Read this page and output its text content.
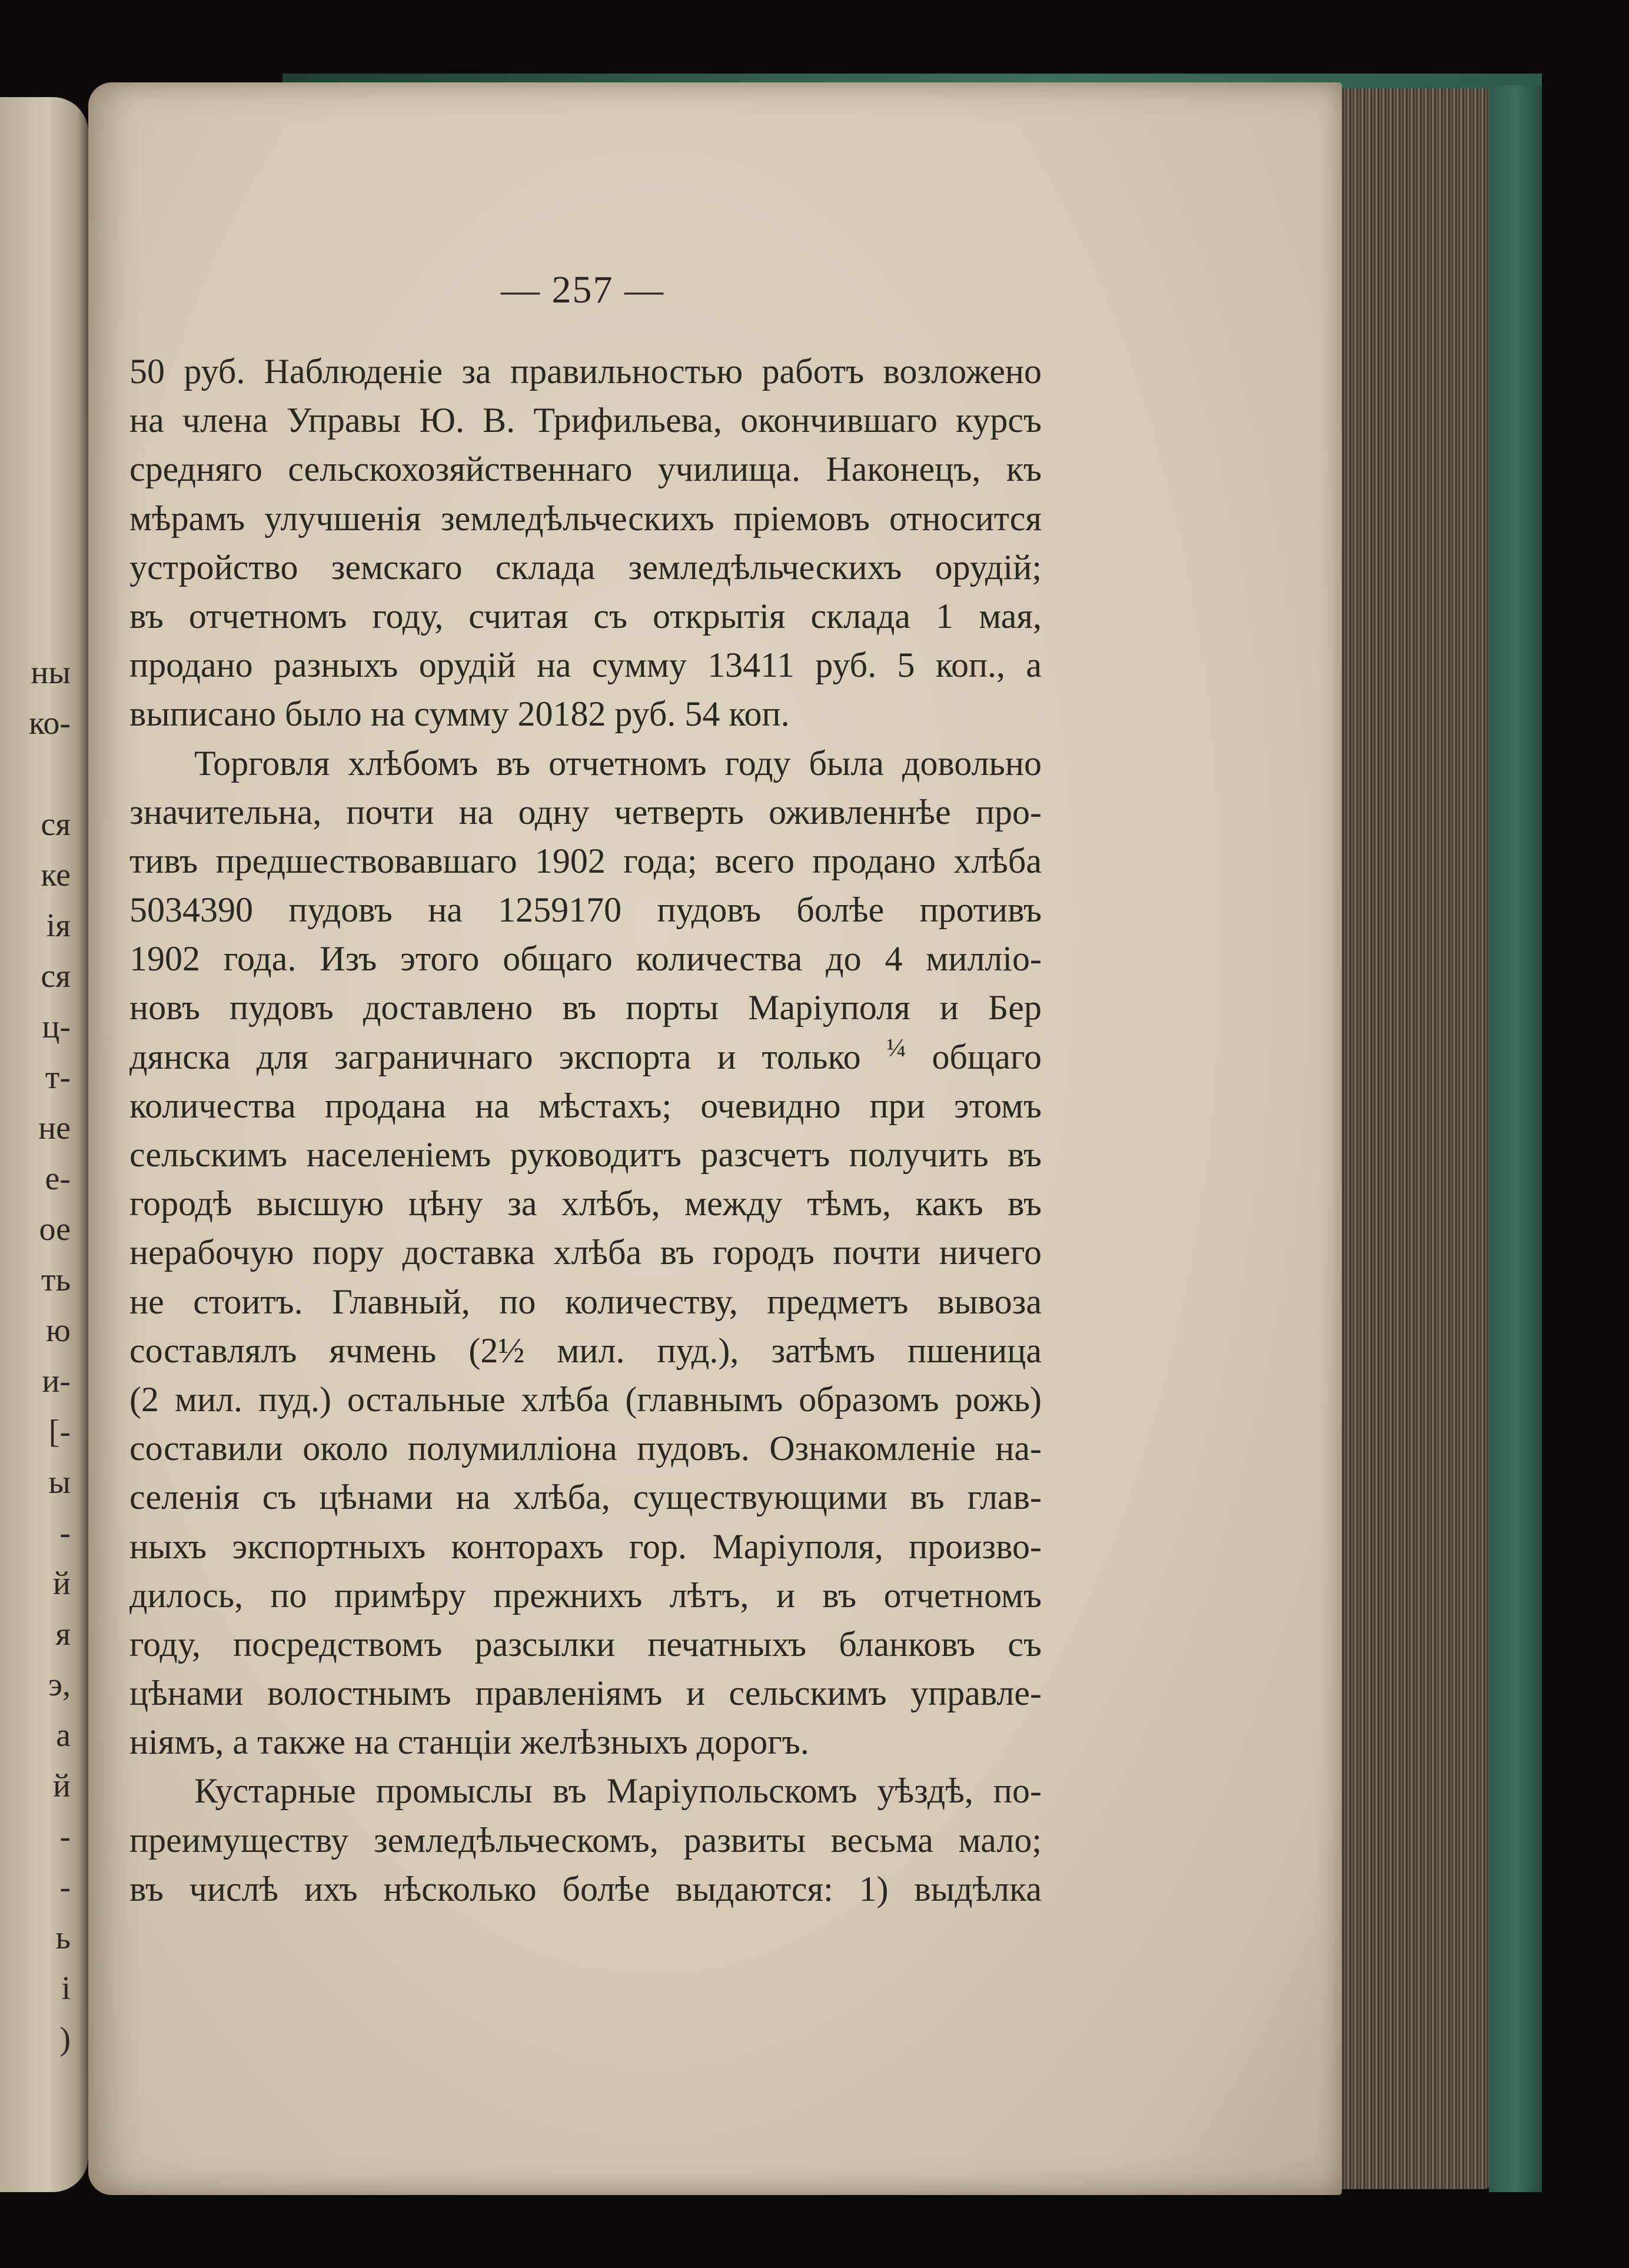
ны
ко-
ся
ке
ія
ся
ц-
т-
не
е-
ое
ть
ю
и-
[-
ы
-
й
я
э,
а
й
-
-
ь
і
)
— 257 —
50 руб. Наблюденіе за правильностью работъ возложено
на члена Управы Ю. В. Трифильева, окончившаго курсъ
средняго сельскохозяйственнаго училища. Наконецъ, къ
мѣрамъ улучшенія земледѣльческихъ пріемовъ относится
устройство земскаго склада земледѣльческихъ орудій;
въ отчетномъ году, считая съ открытія склада 1 мая,
продано разныхъ орудій на сумму 13411 руб. 5 коп., а
выписано было на сумму 20182 руб. 54 коп.
Торговля хлѣбомъ въ отчетномъ году была довольно
значительна, почти на одну четверть оживленнѣе про-
тивъ предшествовавшаго 1902 года; всего продано хлѣба
5034390 пудовъ на 1259170 пудовъ болѣе противъ
1902 года. Изъ этого общаго количества до 4 милліо-
новъ пудовъ доставлено въ порты Маріуполя и Бер
дянска для заграничнаго экспорта и только $^{\frac{1}{4}}$ общаго
количества продана на мѣстахъ; очевидно при этомъ
сельскимъ населеніемъ руководитъ разсчетъ получить въ
городѣ высшую цѣну за хлѣбъ, между тѣмъ, какъ въ
нерабочую пору доставка хлѣба въ городъ почти ничего
не стоитъ. Главный, по количеству, предметъ вывоза
составлялъ ячмень (2½ мил. пуд.), затѣмъ пшеница
(2 мил. пуд.) остальные хлѣба (главнымъ образомъ рожь)
составили около полумилліона пудовъ. Ознакомленіе на-
селенія съ цѣнами на хлѣба, существующими въ глав-
ныхъ экспортныхъ конторахъ гор. Маріуполя, произво-
дилось, по примѣру прежнихъ лѣтъ, и въ отчетномъ
году, посредствомъ разсылки печатныхъ бланковъ съ
цѣнами волостнымъ правленіямъ и сельскимъ управле-
ніямъ, а также на станціи желѣзныхъ дорогъ.
Кустарные промыслы въ Маріупольскомъ уѣздѣ, по-
преимуществу земледѣльческомъ, развиты весьма мало;
въ числѣ ихъ нѣсколько болѣе выдаются: 1) выдѣлка
